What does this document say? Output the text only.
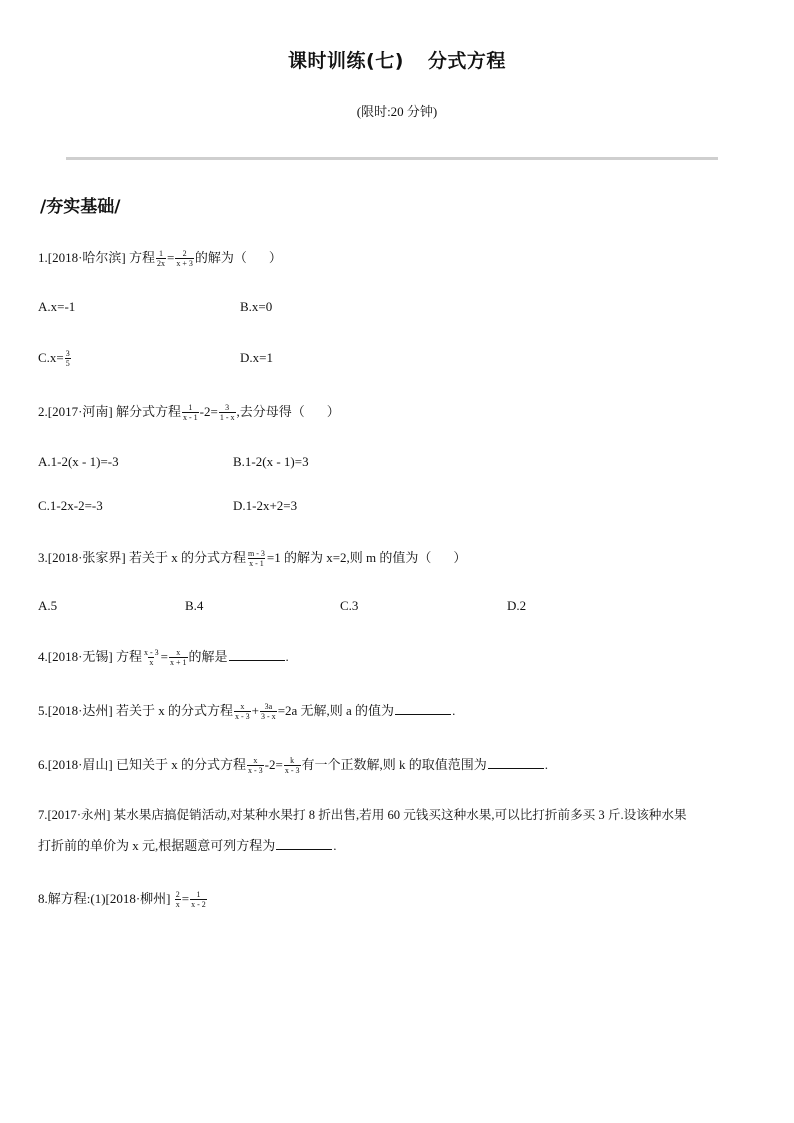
课时训练(七) 分式方程
(限时:20 分钟)
/夯实基础/
1.[2018·哈尔滨] 方程 $\frac{1}{2x} = \frac{2}{x + 3}$ 的解为（ ）
A.x=-1	B.x=0
$C.x= \frac{3}{5}$	D.x=1
2.[2017·河南] 解分式方程 $\frac{1}{x - 1} -2= \frac{3}{1 - x}$ ,去分母得（ ）
A.1-2(x - 1)=-3	B.1-2(x - 1)=3
C.1-2x-2=-3	D.1-2x+2=3
3.[2018·张家界] 若关于 x 的分式方程 $\frac{m - 3}{x - 1} =1$ 的解为 x=2,则 m 的值为（ ）
A.5	B.4	C.3	D.2
4.[2018·无锡] 方程 $\frac{x - 3}{x} = \frac{x}{x + 1}$ 的解是	.
5.[2018·达州] 若关于 x 的分式方程 $\frac{x}{x - 3} + \frac{3a}{3 - x} =2a$ 无解,则 a 的值为	.
6.[2018·眉山] 已知关于 x 的分式方程 $\frac{x}{x - 3} -2= \frac{k}{x - 3}$ 有一个正数解,则 k 的取值范围为	.
7.[2017·永州] 某水果店搞促销活动,对某种水果打 8 折出售,若用 60 元钱买这种水果,可以比打折前多买 3 斤.设该种水果
打折前的单价为 x 元,根据题意可列方程为	.
8.解方程:(1)[2018·柳州] $\frac{2}{x} = \frac{1}{x - 2}$
